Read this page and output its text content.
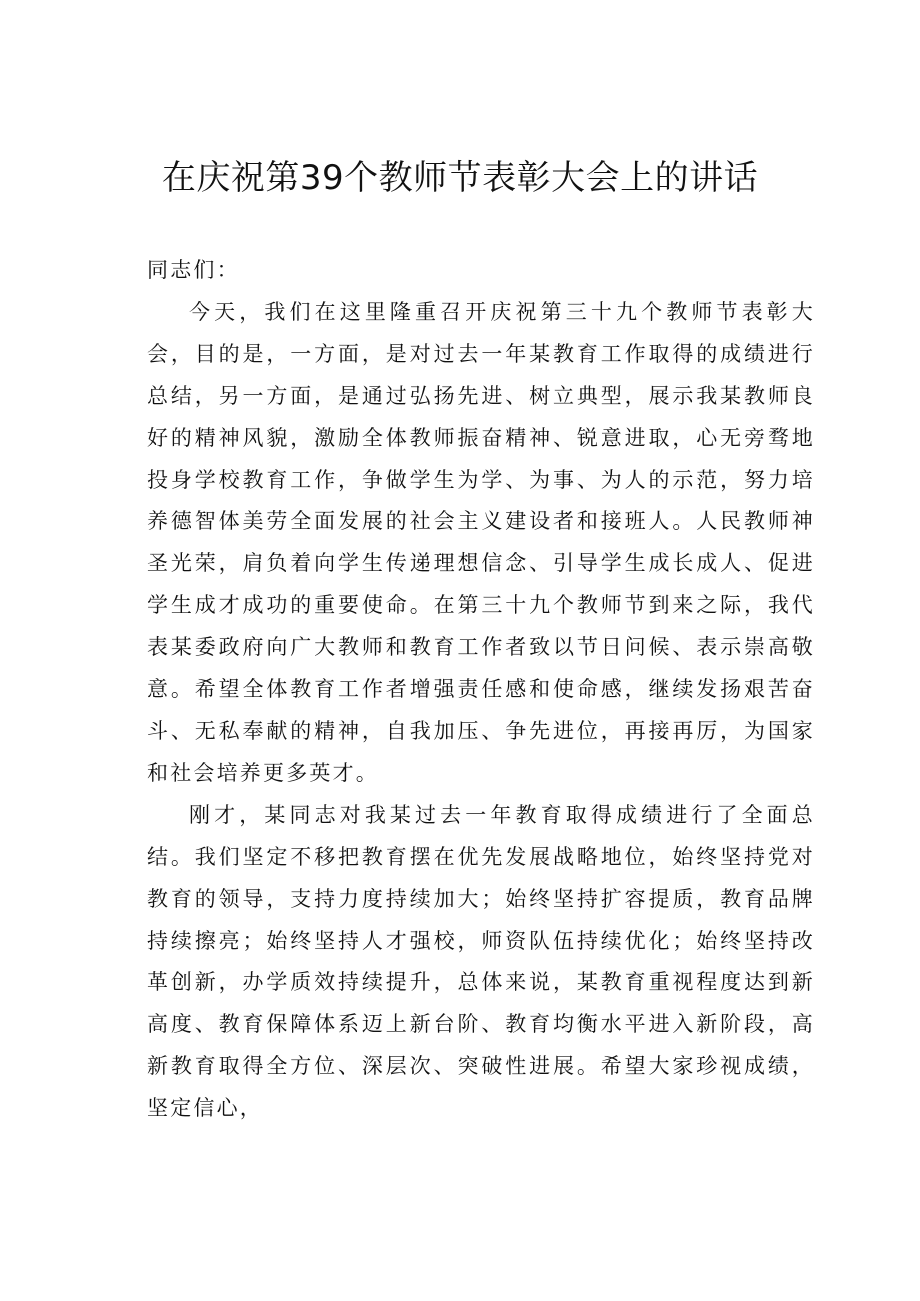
在庆祝第39个教师节表彰大会上的讲话

同志们：

今天，我们在这里隆重召开庆祝第三十九个教师节表彰大会，目的是，一方面，是对过去一年某教育工作取得的成绩进行总结，另一方面，是通过弘扬先进、树立典型，展示我某教师良好的精神风貌，激励全体教师振奋精神、锐意进取，心无旁骛地投身学校教育工作，争做学生为学、为事、为人的示范，努力培养德智体美劳全面发展的社会主义建设者和接班人。人民教师神圣光荣，肩负着向学生传递理想信念、引导学生成长成人、促进学生成才成功的重要使命。在第三十九个教师节到来之际，我代表某委政府向广大教师和教育工作者致以节日问候、表示崇高敬意。希望全体教育工作者增强责任感和使命感，继续发扬艰苦奋斗、无私奉献的精神，自我加压、争先进位，再接再厉，为国家和社会培养更多英才。

刚才，某同志对我某过去一年教育取得成绩进行了全面总结。我们坚定不移把教育摆在优先发展战略地位，始终坚持党对教育的领导，支持力度持续加大；始终坚持扩容提质，教育品牌持续擦亮；始终坚持人才强校，师资队伍持续优化；始终坚持改革创新，办学质效持续提升，总体来说，某教育重视程度达到新高度、教育保障体系迈上新台阶、教育均衡水平进入新阶段，高新教育取得全方位、深层次、突破性进展。希望大家珍视成绩，坚定信心，
